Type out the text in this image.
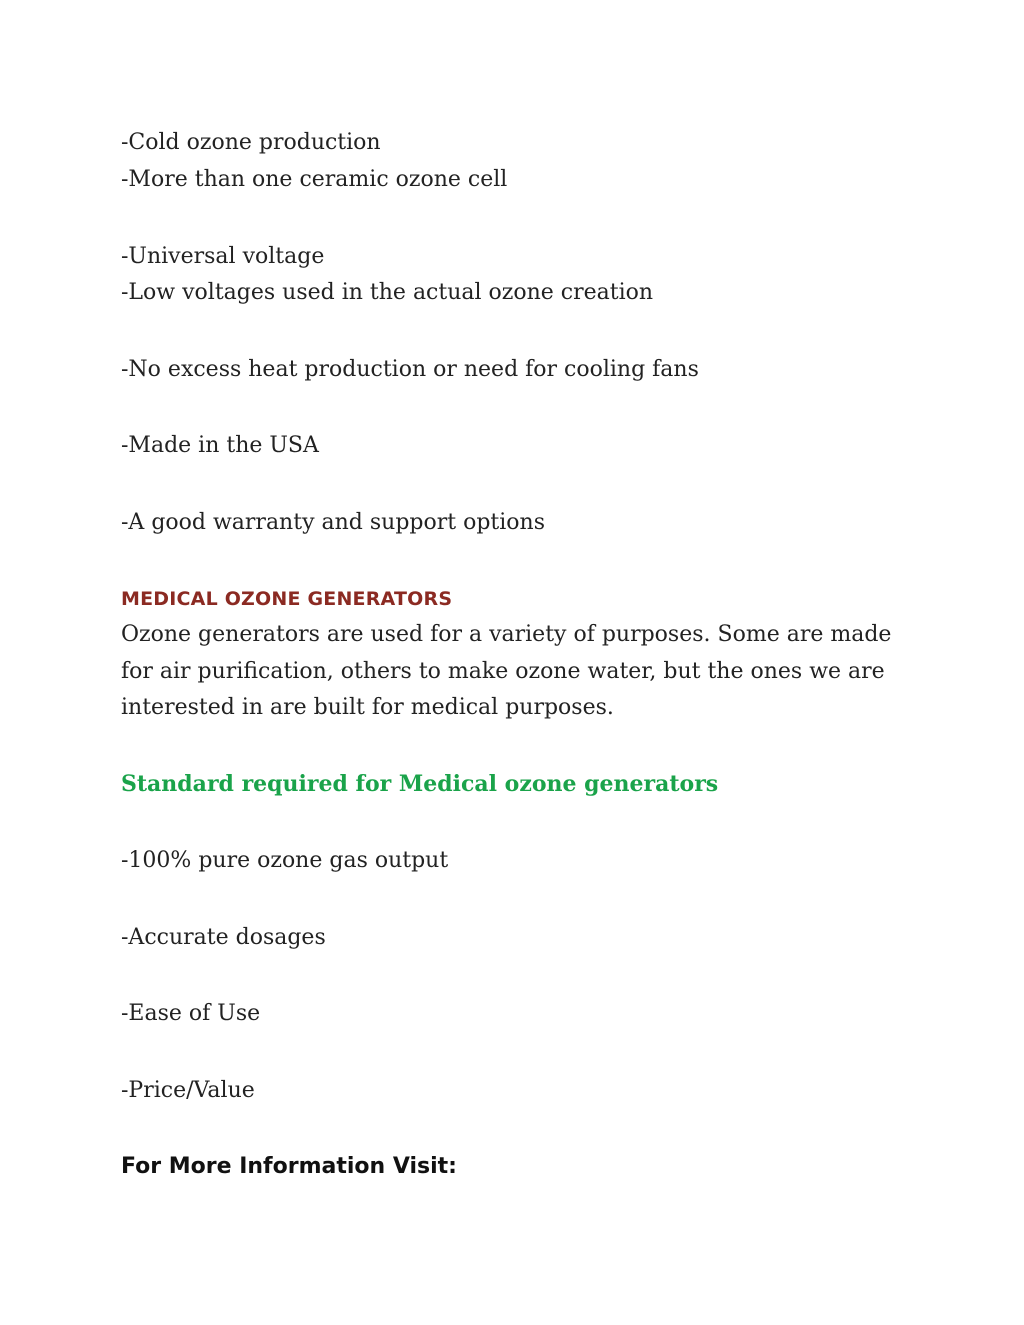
-Cold ozone production
-More than one ceramic ozone cell
-Universal voltage
-Low voltages used in the actual ozone creation
-No excess heat production or need for cooling fans
-Made in the USA
-A good warranty and support options
MEDICAL OZONE GENERATORS
Ozone generators are used for a variety of purposes. Some are made for air purification, others to make ozone water, but the ones we are interested in are built for medical purposes.
Standard required for Medical ozone generators
-100% pure ozone gas output
-Accurate dosages
-Ease of Use
-Price/Value
For More Information Visit:
